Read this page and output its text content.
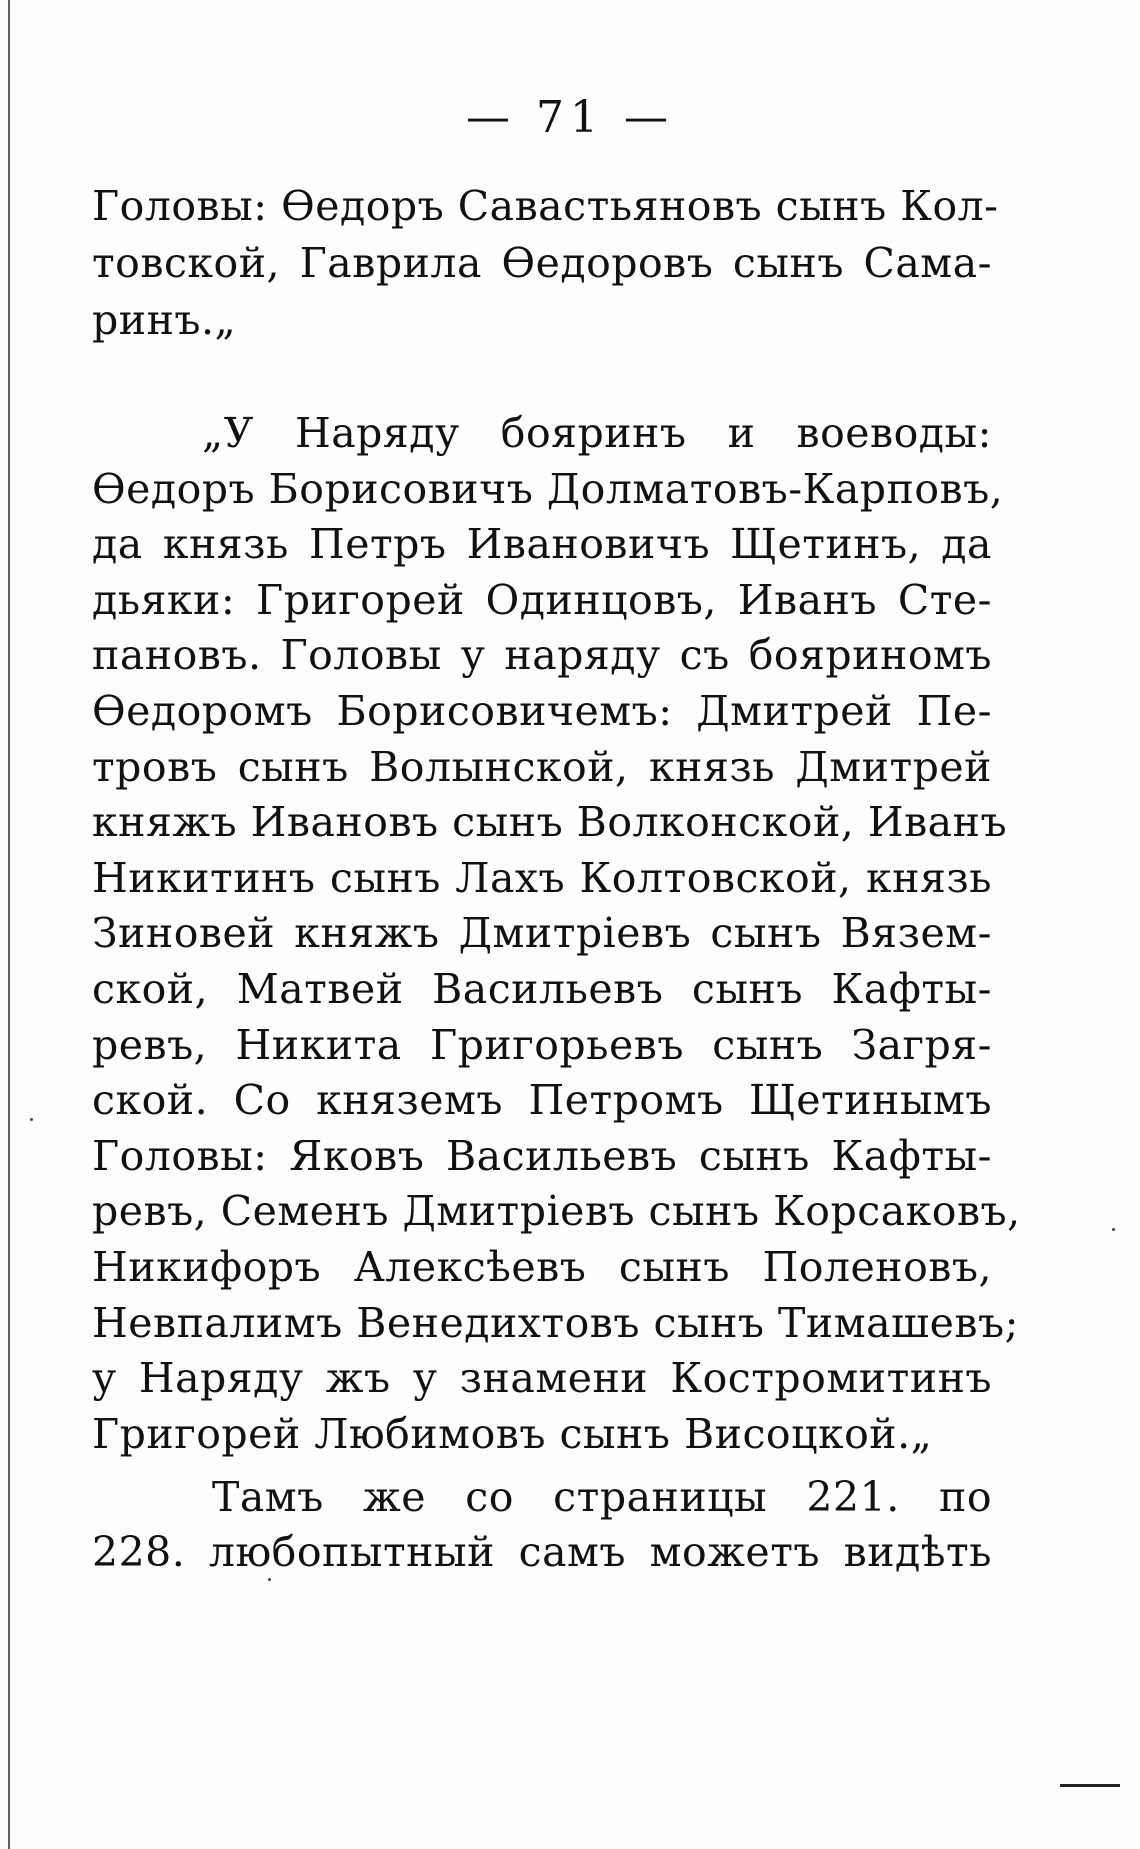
— 71 —
Головы: Ѳедоръ Савастьяновъ сынъ Кол-
товской, Гаврила Ѳедоровъ сынъ Сама-
ринъ.„
„У Наряду бояринъ и воеводы:
Ѳедоръ Борисовичъ Долматовъ-Карповъ,
да князь Петръ Ивановичъ Щетинъ, да
дьяки: Григорей Одинцовъ, Иванъ Сте-
пановъ. Головы у наряду съ бояриномъ
Ѳедоромъ Борисовичемъ: Дмитрей Пе-
тровъ сынъ Волынской, князь Дмитрей
княжъ Ивановъ сынъ Волконской, Иванъ
Никитинъ сынъ Лахъ Колтовской, князь
Зиновей княжъ Дмитріевъ сынъ Вязем-
ской, Матвей Васильевъ сынъ Кафты-
ревъ, Никита Григорьевъ сынъ Загря-
ской. Со княземъ Петромъ Щетинымъ
Головы: Яковъ Васильевъ сынъ Кафты-
ревъ, Семенъ Дмитріевъ сынъ Корсаковъ,
Никифоръ Алексѣевъ сынъ Поленовъ,
Невпалимъ Венедихтовъ сынъ Тимашевъ;
у Наряду жъ у знамени Костромитинъ
Григорей Любимовъ сынъ Висоцкой.„
Тамъ же со страницы 221. по
228. любопытный самъ можетъ видѣть
